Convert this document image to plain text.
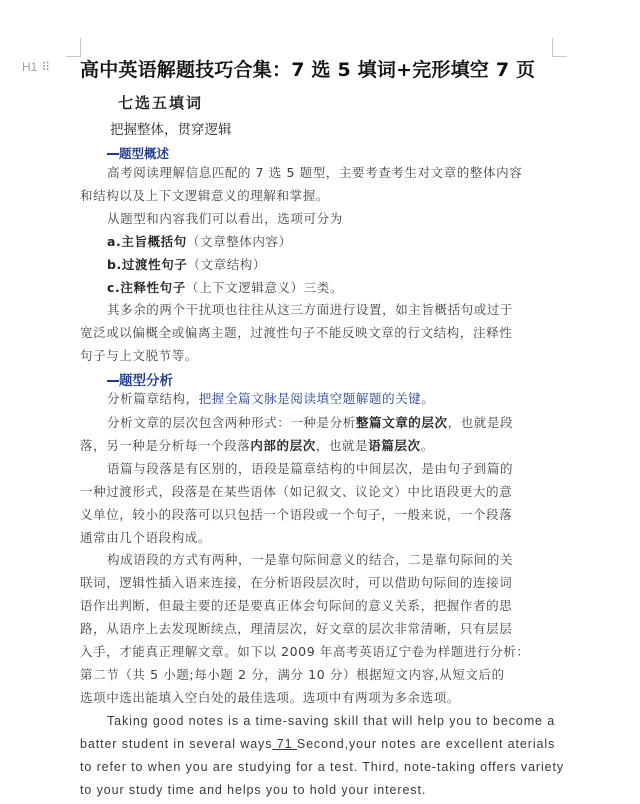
H1 ⠿ 高中英语解题技巧合集：7 选 5 填词+完形填空 7 页
七选五填词
把握整体，贯穿逻辑
题型概述
高考阅读理解信息匹配的 7 选 5 题型，主要考查考生对文章的整体内容
和结构以及上下文逻辑意义的理解和掌握。
从题型和内容我们可以看出，选项可分为
a.主旨概括句（文章整体内容）
b.过渡性句子（文章结构）
c.注释性句子（上下文逻辑意义）三类。
其多余的两个干扰项也往往从这三方面进行设置，如主旨概括句或过于
宽泛或以偏概全或偏离主题，过渡性句子不能反映文章的行文结构，注释性
句子与上文脱节等。
题型分析
分析篇章结构，把握全篇文脉是阅读填空题解题的关键。
分析文章的层次包含两种形式：一种是分析整篇文章的层次，也就是段
落，另一种是分析每一个段落内部的层次，也就是语篇层次。
语篇与段落是有区别的，语段是篇章结构的中间层次，是由句子到篇的
一种过渡形式，段落是在某些语体（如记叙文、议论文）中比语段更大的意
义单位，较小的段落可以只包括一个语段或一个句子，一般来说，一个段落
通常由几个语段构成。
构成语段的方式有两种，一是靠句际间意义的结合，二是靠句际间的关
联词，逻辑性插入语来连接，在分析语段层次时，可以借助句际间的连接词
语作出判断，但最主要的还是要真正体会句际间的意义关系，把握作者的思
路，从语序上去发现断续点，理清层次，好文章的层次非常清晰，只有层层
入手，才能真正理解文章。如下以 2009 年高考英语辽宁卷为样题进行分析：
第二节（共 5 小题;每小题 2 分，满分 10 分）根据短文内容,从短文后的
选项中选出能填入空白处的最佳选项。选项中有两项为多余选项。
Taking good notes is a time-saving skill that will help you to become a
batter student in several ways 71 Second,your notes are excellent aterials
to refer to when you are studying for a test. Third, note-taking offers variety
to your study time and helps you to hold your interest.
